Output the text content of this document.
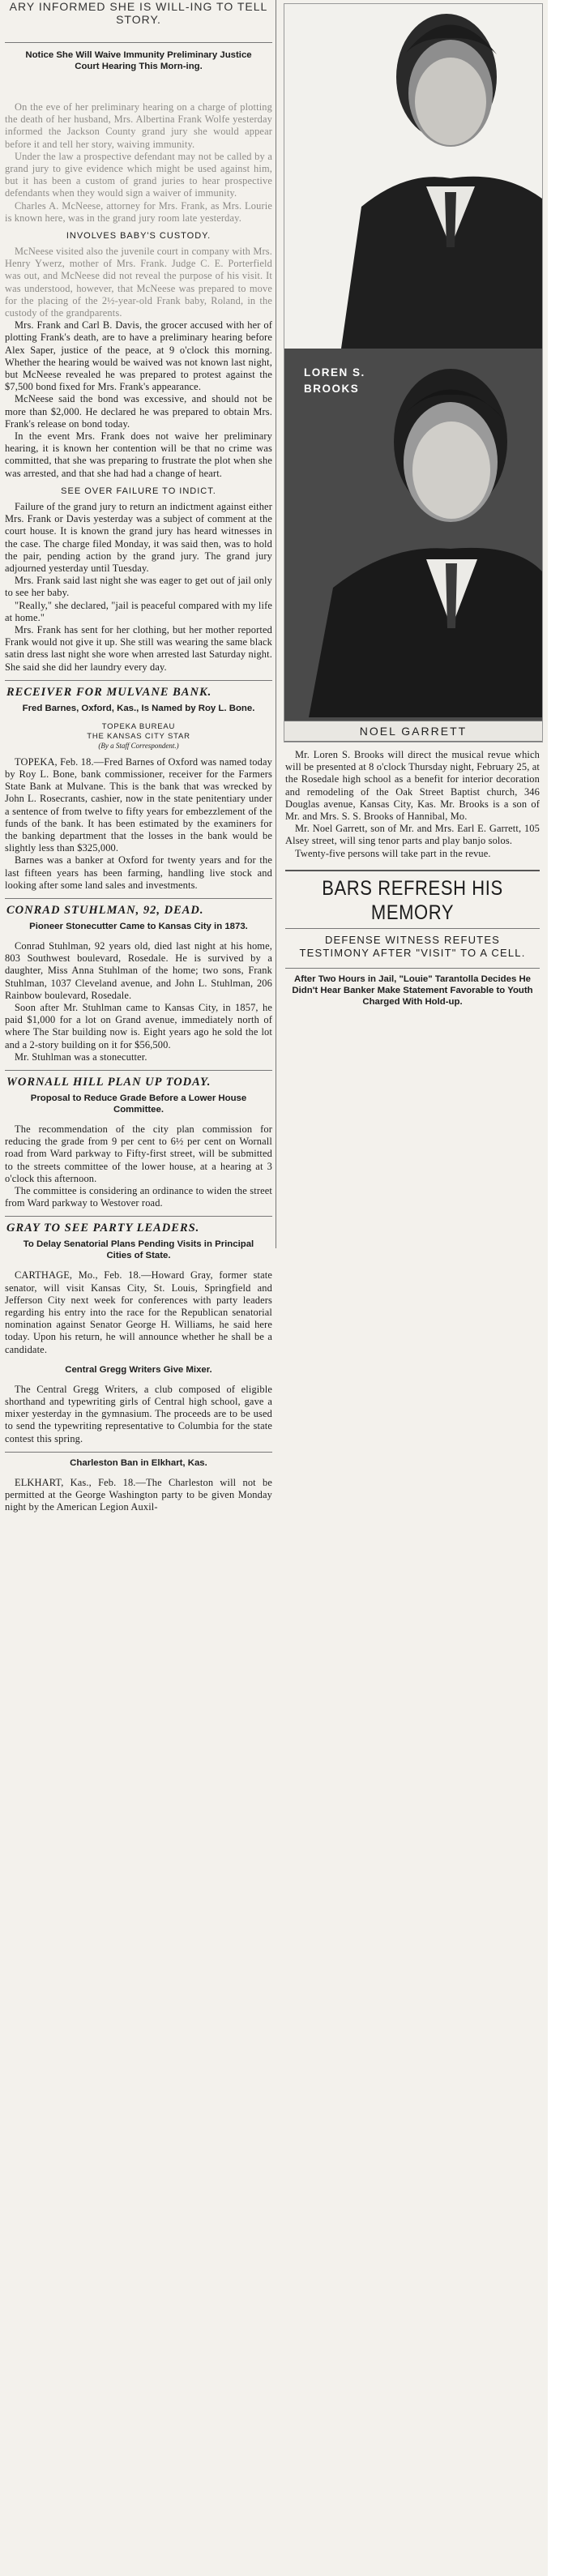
ARY INFORMED SHE IS WILL-ING TO TELL STORY.
Notice She Will Waive Immunity Preliminary Justice Court Hearing This Morn-ing.

On the eve of her preliminary hearing on a charge of plotting the death of her husband, Mrs. Albertina Frank Wolfe yesterday informed the Jackson County grand jury she would appear before it and tell her story, waiving immunity.

Under the law a prospective defendant may not be called by a grand jury to give evidence which might be used against him, but it has been a custom of grand juries to hear prospective defendants when they would sign a waiver of immunity.

Charles A. McNeese, attorney for Mrs. Frank, as Mrs. Lourie is known here, was in the grand jury room late yesterday.

INVOLVES BABY'S CUSTODY.

McNeese visited also the juvenile court in company with Mrs. Henry Ywerz, mother of Mrs. Frank. Judge C. E. Porterfield was out, and McNeese did not reveal the purpose of his visit. It was understood, however, that McNeese was prepared to move for the placing of the 2½-year-old Frank baby, Roland, in the custody of the grandparents.

Mrs. Frank and Carl B. Davis, the grocer accused with her of plotting Frank's death, are to have a preliminary hearing before Alex Saper, justice of the peace, at 9 o'clock this morning. Whether the hearing would be waived was not known last night, but McNeese revealed he was prepared to protest against the $7,500 bond fixed for Mrs. Frank's appearance.

McNeese said the bond was excessive, and should not be more than $2,000. He declared he was prepared to obtain Mrs. Frank's release on bond today.

In the event Mrs. Frank does not waive her preliminary hearing, it is known her contention will be that no crime was committed, that she was preparing to frustrate the plot when she was arrested, and that she had had a change of heart.

SEE OVER FAILURE TO INDICT.

Failure of the grand jury to return an indictment against either Mrs. Frank or Davis yesterday was a subject of comment at the court house. It is known the grand jury has heard witnesses in the case. The charge filed Monday, it was said then, was to hold the pair, pending action by the grand jury. The grand jury adjourned yesterday until Tuesday.

Mrs. Frank said last night she was eager to get out of jail only to see her baby.

"Really," she declared, "jail is peaceful compared with my life at home."

Mrs. Frank has sent for her clothing, but her mother reported Frank would not give it up. She still was wearing the same black satin dress last night she wore when arrested last Saturday night. She said she did her laundry every day.

RECEIVER FOR MULVANE BANK.
Fred Barnes, Oxford, Kas., Is Named by Roy L. Bone.
TOPEKA BUREAU
THE KANSAS CITY STAR
(By a Staff Correspondent.)

TOPEKA, Feb. 18.—Fred Barnes of Oxford was named today by Roy L. Bone, bank commissioner, receiver for the Farmers State Bank at Mulvane. This is the bank that was wrecked by John L. Rosecrants, cashier, now in the state penitentiary under a sentence of from twelve to fifty years for embezzlement of the funds of the bank. It has been estimated by the examiners for the banking department that the losses in the bank would be slightly less than $325,000.

Barnes was a banker at Oxford for twenty years and for the last fifteen years has been farming, handling live stock and looking after some land sales and investments.

CONRAD STUHLMAN, 92, DEAD.
Pioneer Stonecutter Came to Kansas City in 1873.

Conrad Stuhlman, 92 years old, died last night at his home, 803 Southwest boulevard, Rosedale. He is survived by a daughter, Miss Anna Stuhlman of the home; two sons, Frank Stuhlman, 1037 Cleveland avenue, and John L. Stuhlman, 206 Rainbow boulevard, Rosedale.

Soon after Mr. Stuhlman came to Kansas City, in 1857, he paid $1,000 for a lot on Grand avenue, immediately north of where The Star building now is. Eight years ago he sold the lot and a 2-story building on it for $56,500.

Mr. Stuhlman was a stonecutter.

WORNALL HILL PLAN UP TODAY.
Proposal to Reduce Grade Before a Lower House Committee.

The recommendation of the city plan commission for reducing the grade from 9 per cent to 6½ per cent on Wornall road from Ward parkway to Fifty-first street, will be submitted to the streets committee of the lower house, at a hearing at 3 o'clock this afternoon.

The committee is considering an ordinance to widen the street from Ward parkway to Westover road.

GRAY TO SEE PARTY LEADERS.
To Delay Senatorial Plans Pending Visits in Principal Cities of State.

CARTHAGE, Mo., Feb. 18.—Howard Gray, former state senator, will visit Kansas City, St. Louis, Springfield and Jefferson City next week for conferences with party leaders regarding his entry into the race for the Republican senatorial nomination against Senator George H. Williams, he said here today. Upon his return, he will announce whether he shall be a candidate.

Central Gregg Writers Give Mixer.

The Central Gregg Writers, a club composed of eligible shorthand and typewriting girls of Central high school, gave a mixer yesterday in the gymnasium. The proceeds are to be used to send the typewriting representative to Columbia for the state contest this spring.

Charleston Ban in Elkhart, Kas.

ELKHART, Kas., Feb. 18.—The Charleston will not be permitted at the George Washington party to be given Monday night by the American Legion Auxil-

LOREN S. BROOKS
NOEL GARRETT

Mr. Loren S. Brooks will direct the musical revue which will be presented at 8 o'clock Thursday night, February 25, at the Rosedale high school as a benefit for interior decoration and remodeling of the Oak Street Baptist church, 346 Douglas avenue, Kansas City, Kas. Mr. Brooks is a son of Mr. and Mrs. S. S. Brooks of Hannibal, Mo.

Mr. Noel Garrett, son of Mr. and Mrs. Earl E. Garrett, 105 Alsey street, will sing tenor parts and play banjo solos.

Twenty-five persons will take part in the revue.

BARS REFRESH HIS MEMORY
DEFENSE WITNESS REFUTES TESTIMONY AFTER "VISIT" TO A CELL.
After Two Hours in Jail, "Louie" Tarantolla Decides He Didn't Hear Banker Make Statement Favorable to Youth Charged With Hold-up.
